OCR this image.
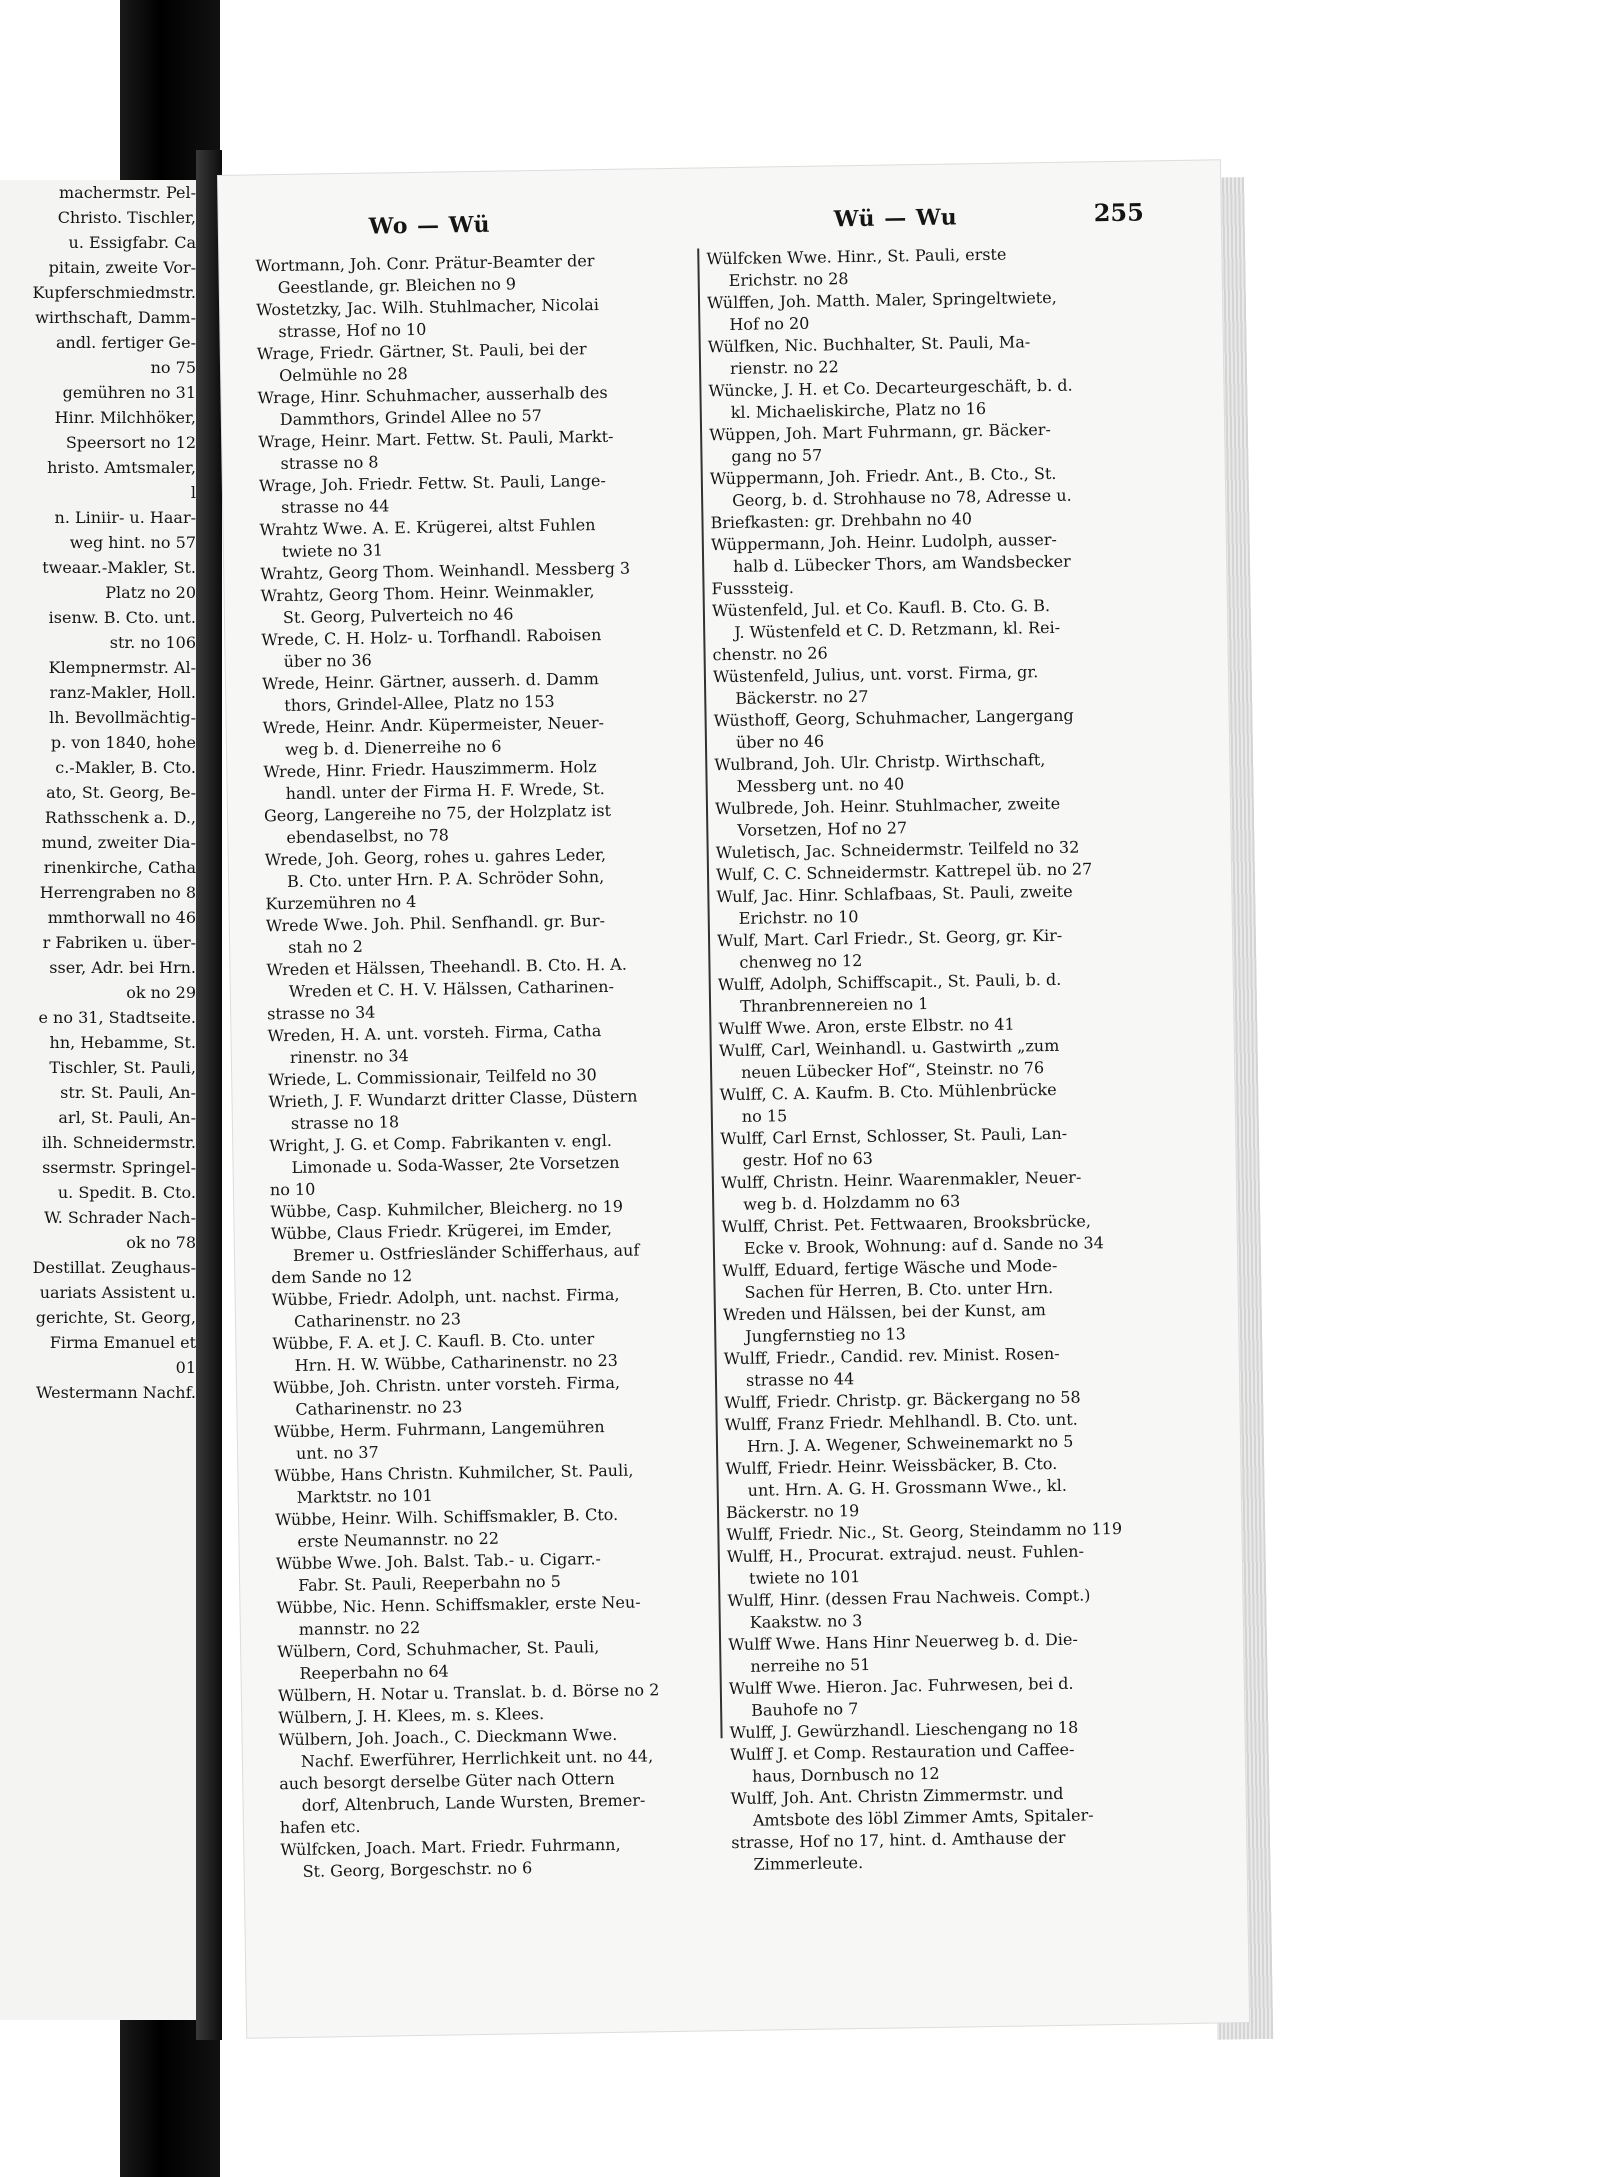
machermstr. Pel-
Christo. Tischler,
u. Essigfabr. Ca
pitain, zweite Vor-
Kupferschmiedmstr.
wirthschaft, Damm-
andl. fertiger Ge-
no 75
gemühren no 31
Hinr. Milchhöker,
Speersort no 12
hristo. Amtsmaler,
l
n. Liniir- u. Haar-
weg hint. no 57
tweaar.-Makler, St.
Platz no 20
isenw. B. Cto. unt.
str. no 106
Klempnermstr. Al-
ranz-Makler, Holl.
lh. Bevollmächtig-
p. von 1840, hohe
c.-Makler, B. Cto.
ato, St. Georg, Be-
Rathsschenk a. D.,
mund, zweiter Dia-
rinenkirche, Catha
Herrengraben no 8
mmthorwall no 46
r Fabriken u. über-
sser, Adr. bei Hrn.
ok no 29
e no 31, Stadtseite.
hn, Hebamme, St.
Tischler, St. Pauli,
str. St. Pauli, An-
arl, St. Pauli, An-
ilh. Schneidermstr.
ssermstr. Springel-
u. Spedit. B. Cto.
W. Schrader Nach-
ok no 78
Destillat. Zeughaus-
uariats Assistent u.
gerichte, St. Georg,
Firma Emanuel et
01
Westermann Nachf.
Wo — Wü	Wü — Wu	255
Wortmann, Joh. Conr. Prätur-Beamter der
Geestlande, gr. Bleichen no 9
Wostetzky, Jac. Wilh. Stuhlmacher, Nicolai
strasse, Hof no 10
Wrage, Friedr. Gärtner, St. Pauli, bei der
Oelmühle no 28
Wrage, Hinr. Schuhmacher, ausserhalb des
Dammthors, Grindel Allee no 57
Wrage, Heinr. Mart. Fettw. St. Pauli, Markt-
strasse no 8
Wrage, Joh. Friedr. Fettw. St. Pauli, Lange-
strasse no 44
Wrahtz Wwe. A. E. Krügerei, altst Fuhlen
twiete no 31
Wrahtz, Georg Thom. Weinhandl. Messberg 3
Wrahtz, Georg Thom. Heinr. Weinmakler,
St. Georg, Pulverteich no 46
Wrede, C. H. Holz- u. Torfhandl. Raboisen
über no 36
Wrede, Heinr. Gärtner, ausserh. d. Damm
thors, Grindel-Allee, Platz no 153
Wrede, Heinr. Andr. Küpermeister, Neuer-
weg b. d. Dienerreihe no 6
Wrede, Hinr. Friedr. Hauszimmerm. Holz
handl. unter der Firma H. F. Wrede, St.
Georg, Langereihe no 75, der Holzplatz ist
ebendaselbst, no 78
Wrede, Joh. Georg, rohes u. gahres Leder,
B. Cto. unter Hrn. P. A. Schröder Sohn,
Kurzemühren no 4
Wrede Wwe. Joh. Phil. Senfhandl. gr. Bur-
stah no 2
Wreden et Hälssen, Theehandl. B. Cto. H. A.
Wreden et C. H. V. Hälssen, Catharinen-
strasse no 34
Wreden, H. A. unt. vorsteh. Firma, Catha
rinenstr. no 34
Wriede, L. Commissionair, Teilfeld no 30
Wrieth, J. F. Wundarzt dritter Classe, Düstern
strasse no 18
Wright, J. G. et Comp. Fabrikanten v. engl.
Limonade u. Soda-Wasser, 2te Vorsetzen
no 10
Wübbe, Casp. Kuhmilcher, Bleicherg. no 19
Wübbe, Claus Friedr. Krügerei, im Emder,
Bremer u. Ostfriesländer Schifferhaus, auf
dem Sande no 12
Wübbe, Friedr. Adolph, unt. nachst. Firma,
Catharinenstr. no 23
Wübbe, F. A. et J. C. Kaufl. B. Cto. unter
Hrn. H. W. Wübbe, Catharinenstr. no 23
Wübbe, Joh. Christn. unter vorsteh. Firma,
Catharinenstr. no 23
Wübbe, Herm. Fuhrmann, Langemühren
unt. no 37
Wübbe, Hans Christn. Kuhmilcher, St. Pauli,
Marktstr. no 101
Wübbe, Heinr. Wilh. Schiffsmakler, B. Cto.
erste Neumannstr. no 22
Wübbe Wwe. Joh. Balst. Tab.- u. Cigarr.-
Fabr. St. Pauli, Reeperbahn no 5
Wübbe, Nic. Henn. Schiffsmakler, erste Neu-
mannstr. no 22
Wülbern, Cord, Schuhmacher, St. Pauli,
Reeperbahn no 64
Wülbern, H. Notar u. Translat. b. d. Börse no 2
Wülbern, J. H. Klees, m. s. Klees.
Wülbern, Joh. Joach., C. Dieckmann Wwe.
Nachf. Ewerführer, Herrlichkeit unt. no 44,
auch besorgt derselbe Güter nach Ottern
dorf, Altenbruch, Lande Wursten, Bremer-
hafen etc.
Wülfcken, Joach. Mart. Friedr. Fuhrmann,
St. Georg, Borgeschstr. no 6
Wülfcken Wwe. Hinr., St. Pauli, erste
Erichstr. no 28
Wülffen, Joh. Matth. Maler, Springeltwiete,
Hof no 20
Wülfken, Nic. Buchhalter, St. Pauli, Ma-
rienstr. no 22
Wüncke, J. H. et Co. Decarteurgeschäft, b. d.
kl. Michaeliskirche, Platz no 16
Wüppen, Joh. Mart Fuhrmann, gr. Bäcker-
gang no 57
Wüppermann, Joh. Friedr. Ant., B. Cto., St.
Georg, b. d. Strohhause no 78, Adresse u.
Briefkasten: gr. Drehbahn no 40
Wüppermann, Joh. Heinr. Ludolph, ausser-
halb d. Lübecker Thors, am Wandsbecker
Fusssteig.
Wüstenfeld, Jul. et Co. Kaufl. B. Cto. G. B.
J. Wüstenfeld et C. D. Retzmann, kl. Rei-
chenstr. no 26
Wüstenfeld, Julius, unt. vorst. Firma, gr.
Bäckerstr. no 27
Wüsthoff, Georg, Schuhmacher, Langergang
über no 46
Wulbrand, Joh. Ulr. Christp. Wirthschaft,
Messberg unt. no 40
Wulbrede, Joh. Heinr. Stuhlmacher, zweite
Vorsetzen, Hof no 27
Wuletisch, Jac. Schneidermstr. Teilfeld no 32
Wulf, C. C. Schneidermstr. Kattrepel üb. no 27
Wulf, Jac. Hinr. Schlafbaas, St. Pauli, zweite
Erichstr. no 10
Wulf, Mart. Carl Friedr., St. Georg, gr. Kir-
chenweg no 12
Wulff, Adolph, Schiffscapit., St. Pauli, b. d.
Thranbrennereien no 1
Wulff Wwe. Aron, erste Elbstr. no 41
Wulff, Carl, Weinhandl. u. Gastwirth „zum
neuen Lübecker Hof“, Steinstr. no 76
Wulff, C. A. Kaufm. B. Cto. Mühlenbrücke
no 15
Wulff, Carl Ernst, Schlosser, St. Pauli, Lan-
gestr. Hof no 63
Wulff, Christn. Heinr. Waarenmakler, Neuer-
weg b. d. Holzdamm no 63
Wulff, Christ. Pet. Fettwaaren, Brooksbrücke,
Ecke v. Brook, Wohnung: auf d. Sande no 34
Wulff, Eduard, fertige Wäsche und Mode-
Sachen für Herren, B. Cto. unter Hrn.
Wreden und Hälssen, bei der Kunst, am
Jungfernstieg no 13
Wulff, Friedr., Candid. rev. Minist. Rosen-
strasse no 44
Wulff, Friedr. Christp. gr. Bäckergang no 58
Wulff, Franz Friedr. Mehlhandl. B. Cto. unt.
Hrn. J. A. Wegener, Schweinemarkt no 5
Wulff, Friedr. Heinr. Weissbäcker, B. Cto.
unt. Hrn. A. G. H. Grossmann Wwe., kl.
Bäckerstr. no 19
Wulff, Friedr. Nic., St. Georg, Steindamm no 119
Wulff, H., Procurat. extrajud. neust. Fuhlen-
twiete no 101
Wulff, Hinr. (dessen Frau Nachweis. Compt.)
Kaakstw. no 3
Wulff Wwe. Hans Hinr Neuerweg b. d. Die-
nerreihe no 51
Wulff Wwe. Hieron. Jac. Fuhrwesen, bei d.
Bauhofe no 7
Wulff, J. Gewürzhandl. Lieschengang no 18
Wulff J. et Comp. Restauration und Caffee-
haus, Dornbusch no 12
Wulff, Joh. Ant. Christn Zimmermstr. und
Amtsbote des löbl Zimmer Amts, Spitaler-
strasse, Hof no 17, hint. d. Amthause der
Zimmerleute.
